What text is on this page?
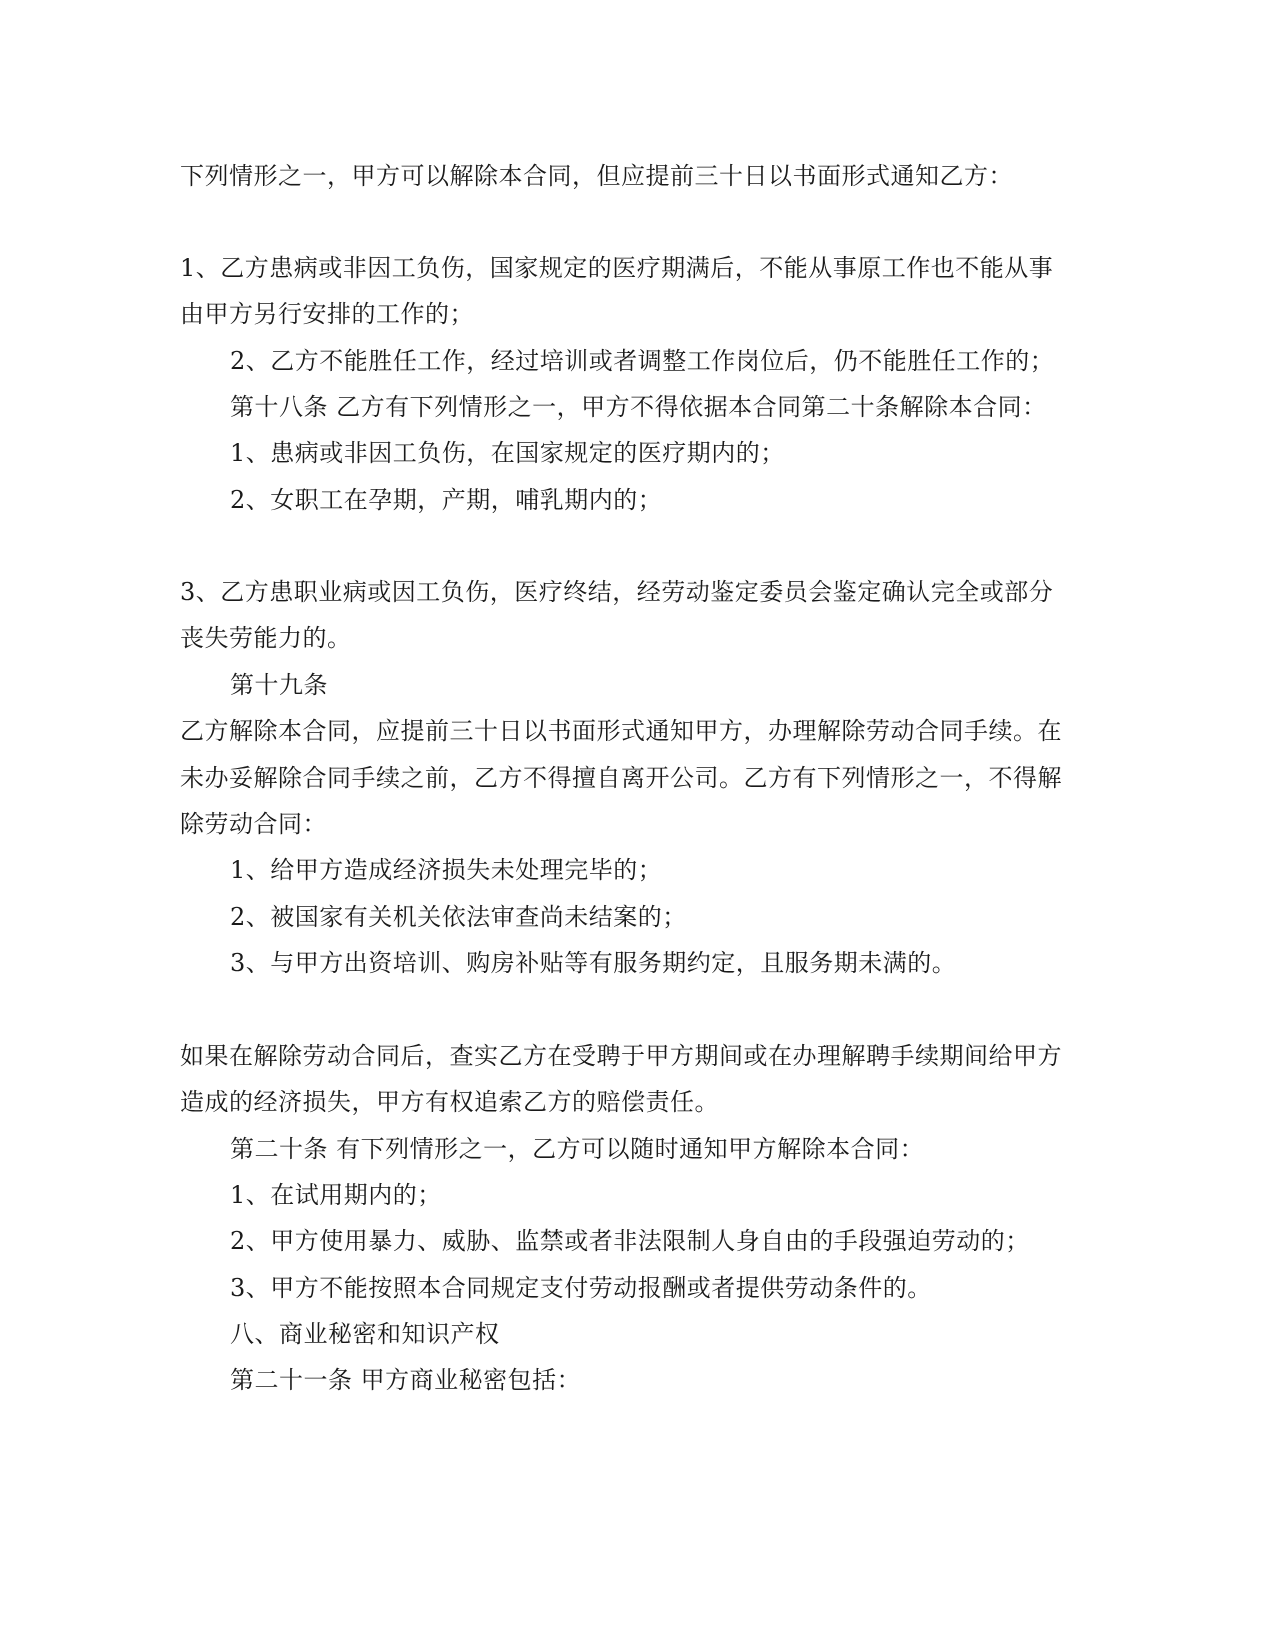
下列情形之一，甲方可以解除本合同，但应提前三十日以书面形式通知乙方：
1、乙方患病或非因工负伤，国家规定的医疗期满后，不能从事原工作也不能从事
由甲方另行安排的工作的；
2、乙方不能胜任工作，经过培训或者调整工作岗位后，仍不能胜任工作的；
第十八条 乙方有下列情形之一，甲方不得依据本合同第二十条解除本合同：
1、患病或非因工负伤，在国家规定的医疗期内的；
2、女职工在孕期，产期，哺乳期内的；
3、乙方患职业病或因工负伤，医疗终结，经劳动鉴定委员会鉴定确认完全或部分
丧失劳能力的。
第十九条
乙方解除本合同，应提前三十日以书面形式通知甲方，办理解除劳动合同手续。在
未办妥解除合同手续之前，乙方不得擅自离开公司。乙方有下列情形之一，不得解
除劳动合同：
1、给甲方造成经济损失未处理完毕的；
2、被国家有关机关依法审查尚未结案的；
3、与甲方出资培训、购房补贴等有服务期约定，且服务期未满的。
如果在解除劳动合同后，查实乙方在受聘于甲方期间或在办理解聘手续期间给甲方
造成的经济损失，甲方有权追索乙方的赔偿责任。
第二十条 有下列情形之一，乙方可以随时通知甲方解除本合同：
1、在试用期内的；
2、甲方使用暴力、威胁、监禁或者非法限制人身自由的手段强迫劳动的；
3、甲方不能按照本合同规定支付劳动报酬或者提供劳动条件的。
八、商业秘密和知识产权
第二十一条 甲方商业秘密包括：
